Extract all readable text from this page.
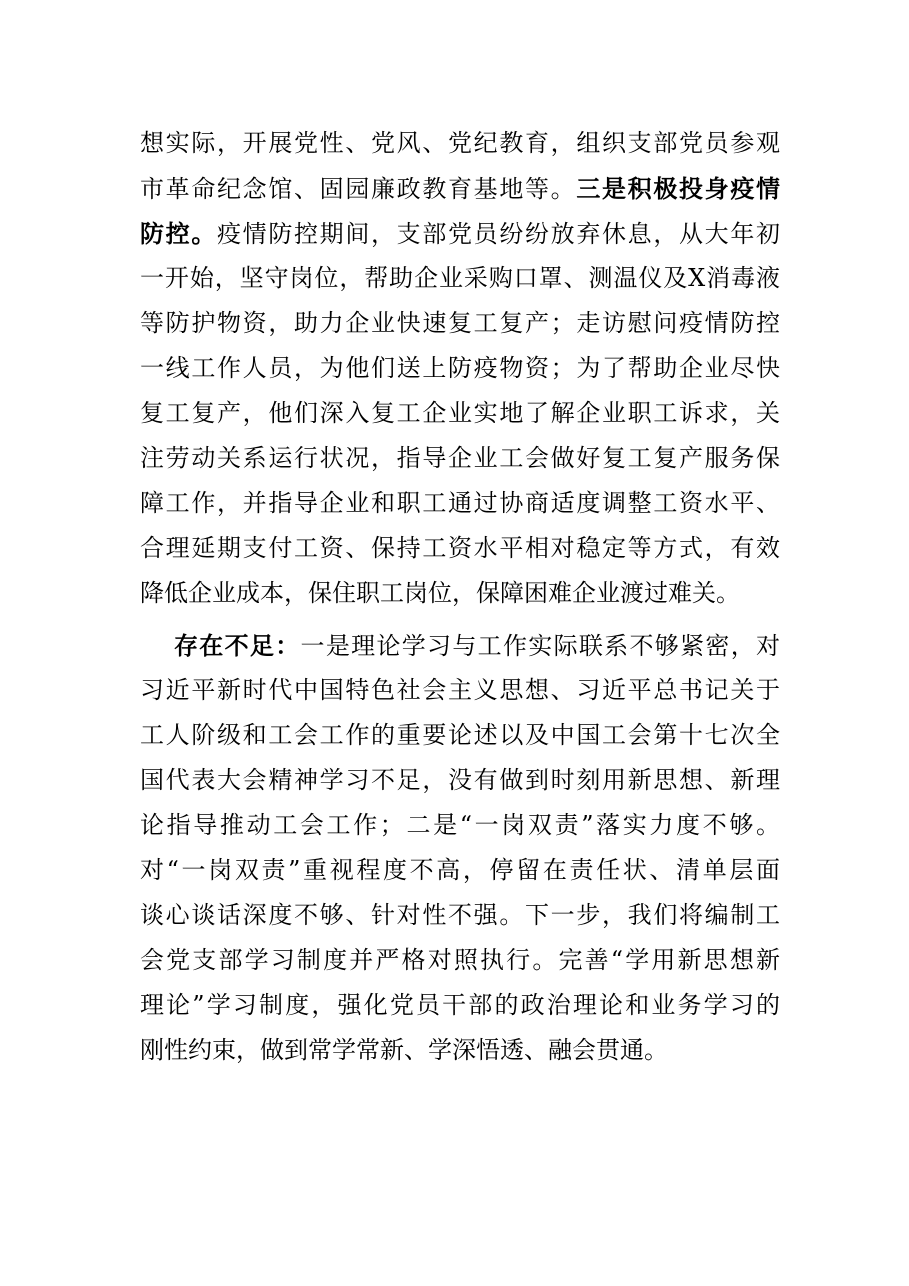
想实际，开展党性、党风、党纪教育，组织支部党员参观
市革命纪念馆、固园廉政教育基地等。三是积极投身疫情
防控。疫情防控期间，支部党员纷纷放弃休息，从大年初
一开始，坚守岗位，帮助企业采购口罩、测温仪及X消毒液
等防护物资，助力企业快速复工复产；走访慰问疫情防控
一线工作人员，为他们送上防疫物资；为了帮助企业尽快
复工复产，他们深入复工企业实地了解企业职工诉求，关
注劳动关系运行状况，指导企业工会做好复工复产服务保
障工作，并指导企业和职工通过协商适度调整工资水平、
合理延期支付工资、保持工资水平相对稳定等方式，有效
降低企业成本，保住职工岗位，保障困难企业渡过难关。
存在不足：一是理论学习与工作实际联系不够紧密，对
习近平新时代中国特色社会主义思想、习近平总书记关于
工人阶级和工会工作的重要论述以及中国工会第十七次全
国代表大会精神学习不足，没有做到时刻用新思想、新理
论指导推动工会工作；二是“一岗双责”落实力度不够。
对“一岗双责”重视程度不高，停留在责任状、清单层面
谈心谈话深度不够、针对性不强。下一步，我们将编制工
会党支部学习制度并严格对照执行。完善“学用新思想新
理论”学习制度，强化党员干部的政治理论和业务学习的
刚性约束，做到常学常新、学深悟透、融会贯通。
